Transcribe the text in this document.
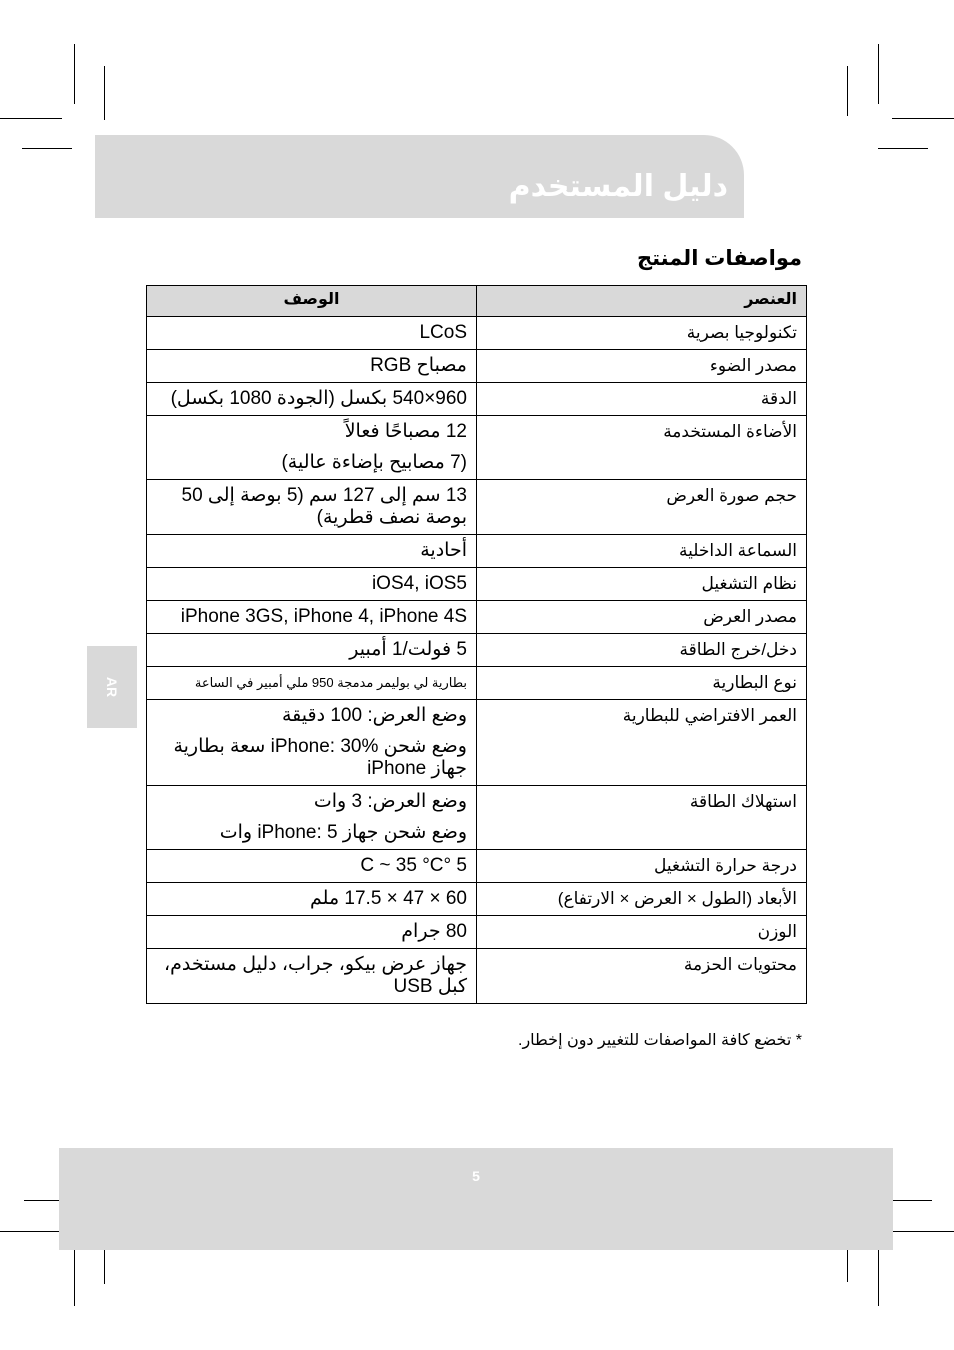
دليل المستخدم
مواصفات المنتج
AR
العنصر	الوصف
تكنولوجيا بصرية	LCoS

مصدر الضوء	مصباح RGB

الدقة	960×540 بكسل (الجودة 1080 بكسل)

الأضاءة المستخدمة	12 مصباحًا فعالاً

(7 مصابيح بإضاءة عالية)

حجم صورة العرض	13 سم إلى 127 سم (5 بوصة إلى 50 بوصة نصف قطرية)

السماعة الداخلية	أحادية

نظام التشغيل	iOS4, iOS5

مصدر العرض	iPhone 3GS, iPhone 4, iPhone 4S

دخل/خرج الطاقة	5 فولت/1 أمبير

نوع البطارية	بطارية لي بوليمر مدمجة 950 ملي أمبير في الساعة

العمر الافتراضي للبطارية	وضع العرض: 100 دقيقة

وضع شحن iPhone: 30% سعة بطارية جهاز iPhone

استهلاك الطاقة	وضع العرض: 3 وات

وضع شحن جهاز iPhone: 5 وات

درجة حرارة التشغيل	5 °C ~ 35 °C

الأبعاد (الطول × العرض × الارتفاع)	60 × 47 × 17.5 ملم

الوزن	80 جرام

محتويات الحزمة	جهاز عرض بيكو، جراب، دليل مستخدم، كبل USB

* تخضع كافة المواصفات للتغيير دون إخطار.
5
